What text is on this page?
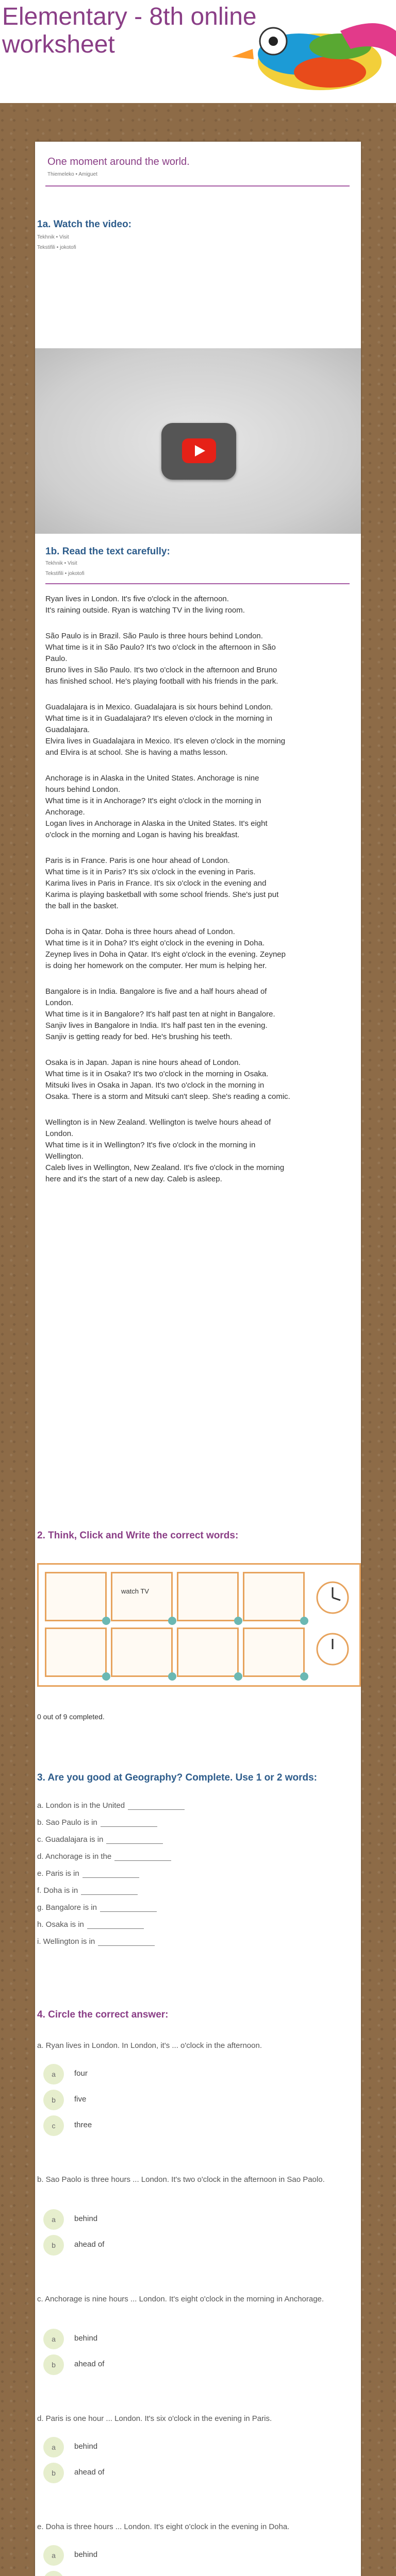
Elementary - 8th online worksheet
One moment around the world.
Thiemeleko • Amiguet
1a. Watch the video:
Tekhnik • Visit
Tekstifili • jokotofi
1b. Read the text carefully:
Tekhnik • Visit
Tekstifili • jokotofi
Ryan lives in London. It's five o'clock in the afternoon.
It's raining outside. Ryan is watching TV in the living room.
São Paulo is in Brazil. São Paulo is three hours behind London.
What time is it in São Paulo? It's two o'clock in the afternoon in São
Paulo.
Bruno lives in São Paulo. It's two o'clock in the afternoon and Bruno
has finished school. He's playing football with his friends in the park.
Guadalajara is in Mexico. Guadalajara is six hours behind London.
What time is it in Guadalajara? It's eleven o'clock in the morning in
Guadalajara.
Elvira lives in Guadalajara in Mexico. It's eleven o'clock in the morning
and Elvira is at school. She is having a maths lesson.
Anchorage is in Alaska in the United States. Anchorage is nine
hours behind London.
What time is it in Anchorage? It's eight o'clock in the morning in
Anchorage.
Logan lives in Anchorage in Alaska in the United States. It's eight
o'clock in the morning and Logan is having his breakfast.
Paris is in France. Paris is one hour ahead of London.
What time is it in Paris? It's six o'clock in the evening in Paris.
Karima lives in Paris in France. It's six o'clock in the evening and
Karima is playing basketball with some school friends. She's just put
the ball in the basket.
Doha is in Qatar. Doha is three hours ahead of London.
What time is it in Doha? It's eight o'clock in the evening in Doha.
Zeynep lives in Doha in Qatar. It's eight o'clock in the evening. Zeynep
is doing her homework on the computer. Her mum is helping her.
Bangalore is in India. Bangalore is five and a half hours ahead of
London.
What time is it in Bangalore? It's half past ten at night in Bangalore.
Sanjiv lives in Bangalore in India. It's half past ten in the evening.
Sanjiv is getting ready for bed. He's brushing his teeth.
Osaka is in Japan. Japan is nine hours ahead of London.
What time is it in Osaka? It's two o'clock in the morning in Osaka.
Mitsuki lives in Osaka in Japan. It's two o'clock in the morning in
Osaka. There is a storm and Mitsuki can't sleep. She's reading a comic.
Wellington is in New Zealand. Wellington is twelve hours ahead of
London.
What time is it in Wellington? It's five o'clock in the morning in
Wellington.
Caleb lives in Wellington, New Zealand. It's five o'clock in the morning
here and it's the start of a new day. Caleb is asleep.
2. Think, Click and Write the correct words:
watch TV
0 out of 9 completed.
3. Are you good at Geography? Complete. Use 1 or 2 words:
a. London is in the United
b. Sao Paulo is in
c. Guadalajara is in
d. Anchorage is in the
e. Paris is in
f. Doha is in
g. Bangalore is in
h. Osaka is in
i. Wellington is in
4. Circle the correct answer:
a. Ryan lives in London. In London, it's ... o'clock in the afternoon.
a	four
b	five
c	three
b. Sao Paolo is three hours ... London. It's two o'clock in the afternoon in Sao Paolo.
a	behind
b	ahead of
c. Anchorage is nine hours ... London. It's eight o'clock in the morning in Anchorage.
a	behind
b	ahead of
d. Paris is one hour ... London. It's six o'clock in the evening in Paris.
a	behind
b	ahead of
e. Doha is three hours ... London. It's eight o'clock in the evening in Doha.
a	behind
